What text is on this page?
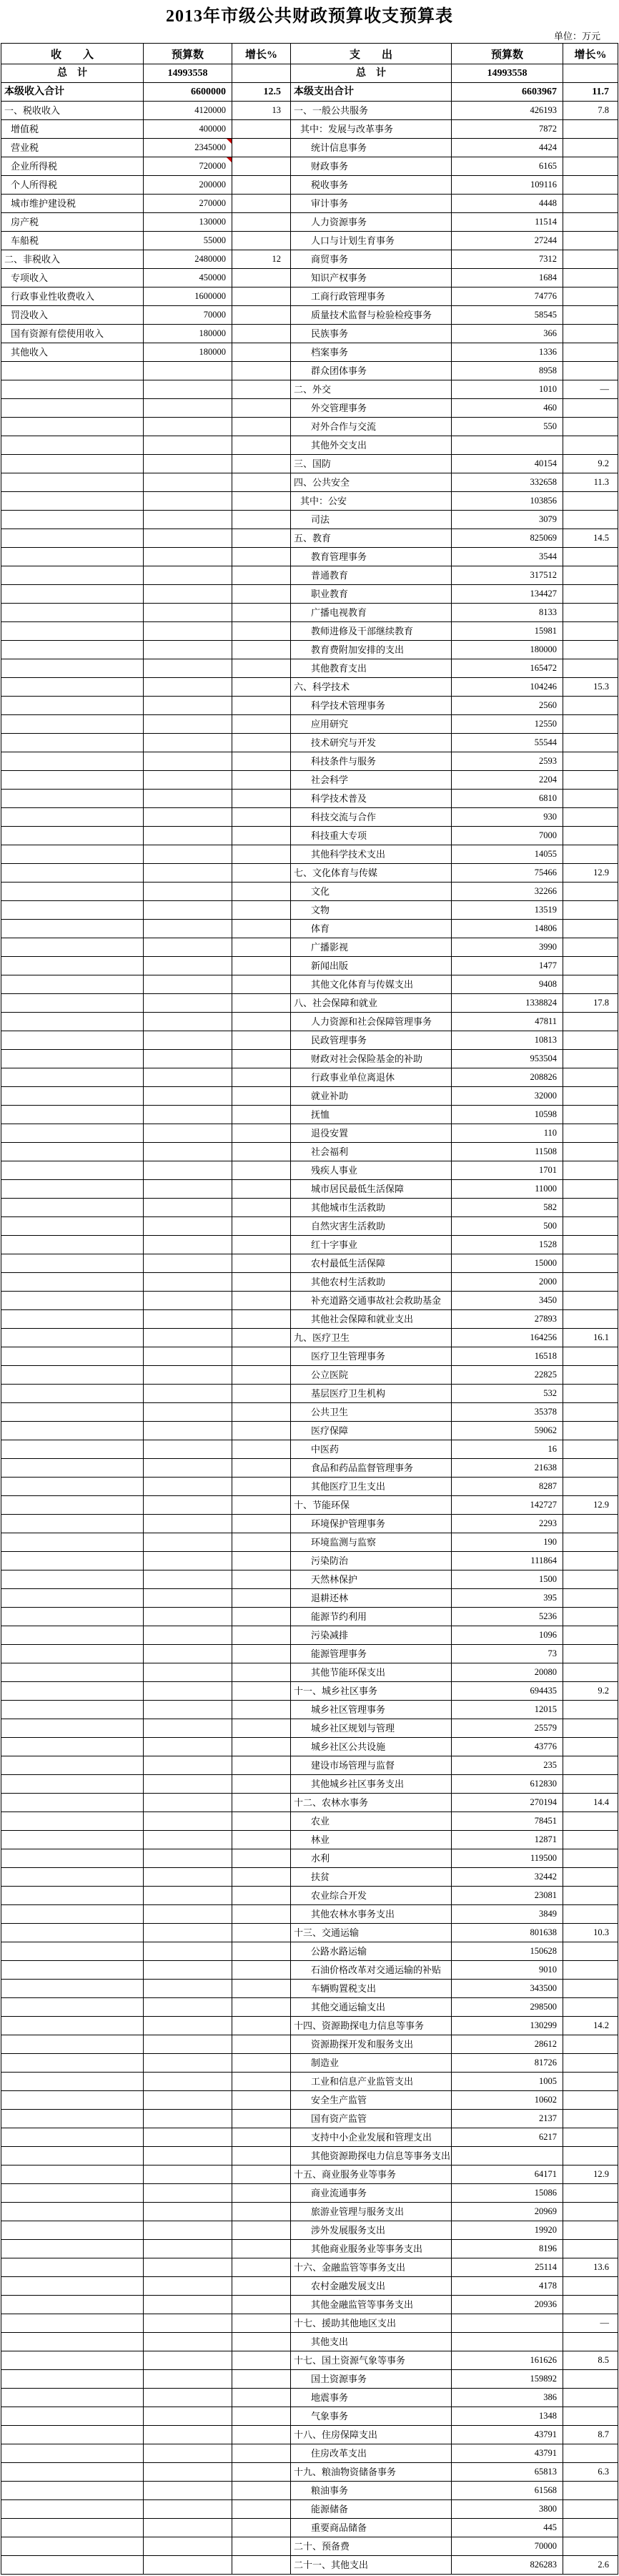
2013年市级公共财政预算收支预算表
单位：万元
收　　入	预算数	增长%	支　　出	预算数	增长%
总　计	14993558		总　计	14993558	
本级收入合计	6600000	12.5	本级支出合计	6603967	11.7
一、税收收入	4120000	13	一、一般公共服务	426193	7.8
增值税	400000		其中：发展与改革事务	7872	
营业税	2345000		统计信息事务	4424	
企业所得税	720000		财政事务	6165	
个人所得税	200000		税收事务	109116	
城市维护建设税	270000		审计事务	4448	
房产税	130000		人力资源事务	11514	
车船税	55000		人口与计划生育事务	27244	
二、非税收入	2480000	12	商贸事务	7312	
专项收入	450000		知识产权事务	1684	
行政事业性收费收入	1600000		工商行政管理事务	74776	
罚没收入	70000		质量技术监督与检验检疫事务	58545	
国有资源有偿使用收入	180000		民族事务	366	
其他收入	180000		档案事务	1336	
			群众团体事务	8958	
			二、外交	1010	—
			外交管理事务	460	
			对外合作与交流	550	
			其他外交支出		
			三、国防	40154	9.2
			四、公共安全	332658	11.3
			其中：公安	103856	
			司法	3079	
			五、教育	825069	14.5
			教育管理事务	3544	
			普通教育	317512	
			职业教育	134427	
			广播电视教育	8133	
			教师进修及干部继续教育	15981	
			教育费附加安排的支出	180000	
			其他教育支出	165472	
			六、科学技术	104246	15.3
			科学技术管理事务	2560	
			应用研究	12550	
			技术研究与开发	55544	
			科技条件与服务	2593	
			社会科学	2204	
			科学技术普及	6810	
			科技交流与合作	930	
			科技重大专项	7000	
			其他科学技术支出	14055	
			七、文化体育与传媒	75466	12.9
			文化	32266	
			文物	13519	
			体育	14806	
			广播影视	3990	
			新闻出版	1477	
			其他文化体育与传媒支出	9408	
			八、社会保障和就业	1338824	17.8
			人力资源和社会保障管理事务	47811	
			民政管理事务	10813	
			财政对社会保险基金的补助	953504	
			行政事业单位离退休	208826	
			就业补助	32000	
			抚恤	10598	
			退役安置	110	
			社会福利	11508	
			残疾人事业	1701	
			城市居民最低生活保障	11000	
			其他城市生活救助	582	
			自然灾害生活救助	500	
			红十字事业	1528	
			农村最低生活保障	15000	
			其他农村生活救助	2000	
			补充道路交通事故社会救助基金	3450	
			其他社会保障和就业支出	27893	
			九、医疗卫生	164256	16.1
			医疗卫生管理事务	16518	
			公立医院	22825	
			基层医疗卫生机构	532	
			公共卫生	35378	
			医疗保障	59062	
			中医药	16	
			食品和药品监督管理事务	21638	
			其他医疗卫生支出	8287	
			十、节能环保	142727	12.9
			环境保护管理事务	2293	
			环境监测与监察	190	
			污染防治	111864	
			天然林保护	1500	
			退耕还林	395	
			能源节约利用	5236	
			污染减排	1096	
			能源管理事务	73	
			其他节能环保支出	20080	
			十一、城乡社区事务	694435	9.2
			城乡社区管理事务	12015	
			城乡社区规划与管理	25579	
			城乡社区公共设施	43776	
			建设市场管理与监督	235	
			其他城乡社区事务支出	612830	
			十二、农林水事务	270194	14.4
			农业	78451	
			林业	12871	
			水利	119500	
			扶贫	32442	
			农业综合开发	23081	
			其他农林水事务支出	3849	
			十三、交通运输	801638	10.3
			公路水路运输	150628	
			石油价格改革对交通运输的补贴	9010	
			车辆购置税支出	343500	
			其他交通运输支出	298500	
			十四、资源勘探电力信息等事务	130299	14.2
			资源勘探开发和服务支出	28612	
			制造业	81726	
			工业和信息产业监管支出	1005	
			安全生产监管	10602	
			国有资产监管	2137	
			支持中小企业发展和管理支出	6217	
			其他资源勘探电力信息等事务支出		
			十五、商业服务业等事务	64171	12.9
			商业流通事务	15086	
			旅游业管理与服务支出	20969	
			涉外发展服务支出	19920	
			其他商业服务业等事务支出	8196	
			十六、金融监管等事务支出	25114	13.6
			农村金融发展支出	4178	
			其他金融监管等事务支出	20936	
			十七、援助其他地区支出		—
			其他支出		
			十七、国土资源气象等事务	161626	8.5
			国土资源事务	159892	
			地震事务	386	
			气象事务	1348	
			十八、住房保障支出	43791	8.7
			住房改革支出	43791	
			十九、粮油物资储备事务	65813	6.3
			粮油事务	61568	
			能源储备	3800	
			重要商品储备	445	
			二十、预备费	70000	
			二十一、其他支出	826283	2.6
